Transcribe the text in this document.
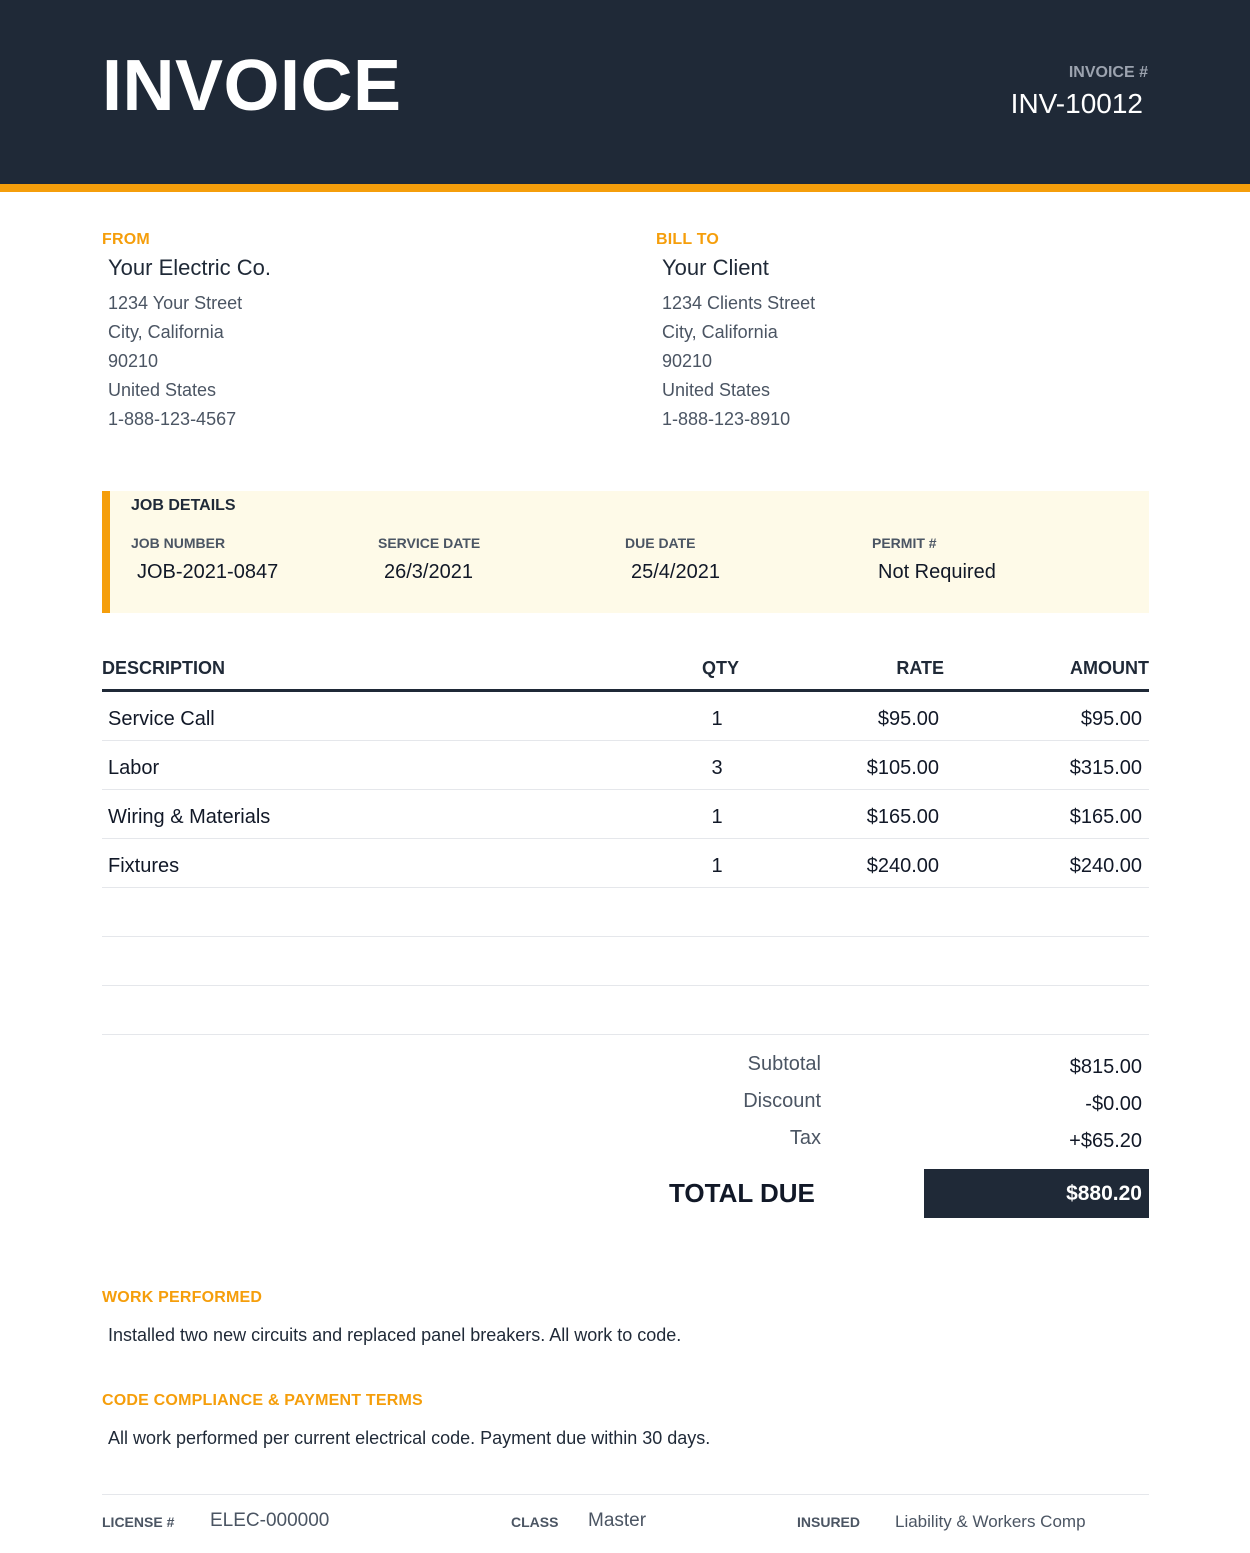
INVOICE	INVOICE #
INV-10012
FROM
Your Electric Co.
1234 Your Street
City, California
90210
United States
1-888-123-4567
BILL TO
Your Client
1234 Clients Street
City, California
90210
United States
1-888-123-8910
JOB DETAILS
JOB NUMBER
JOB-2021-0847
SERVICE DATE
26/3/2021
DUE DATE
25/4/2021
PERMIT #
Not Required
DESCRIPTION	QTY	RATE	AMOUNT
Service Call	1	$95.00	$95.00
Labor	3	$105.00	$315.00
Wiring & Materials	1	$165.00	$165.00
Fixtures	1	$240.00	$240.00
Subtotal	$815.00
Discount	-$0.00
Tax	+$65.20
TOTAL DUE	$880.20
WORK PERFORMED
Installed two new circuits and replaced panel breakers. All work to code.
CODE COMPLIANCE & PAYMENT TERMS
All work performed per current electrical code. Payment due within 30 days.
LICENSE # ELEC-000000	CLASS Master	INSURED Liability & Workers Comp
